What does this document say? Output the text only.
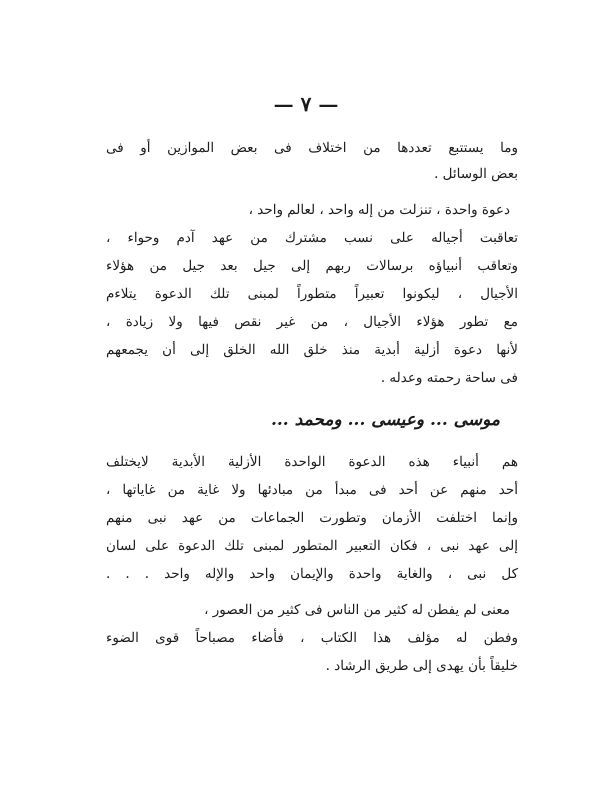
— ٧ —
وما يستتبع تعددها من اختلاف فى بعض الموازين أو فى
بعض الوسائل .
دعوة واحدة ، تنزلت من إله واحد ، لعالم واحد ،
تعاقبت أجياله على نسب مشترك من عهد آدم وحواء ،
وتعاقب أنبياؤه برسالات ربهم إلى جيل بعد جيل من هؤلاء
الأجيال ، ليكونوا تعبيراً متطوراً لمبنى تلك الدعوة يتلاءم
مع تطور هؤلاء الأجيال ، من غير نقص فيها ولا زيادة ،
لأنها دعوة أزلية أبدية منذ خلق الله الخلق إلى أن يجمعهم
فى ساحة رحمته وعدله .
موسى ... وعيسى ... ومحمد ...
هم أنبياء هذه الدعوة الواحدة الأزلية الأبدية لايختلف
أحد منهم عن أحد فى مبدأ من مبادئها ولا غاية من غاياتها ،
وإنما اختلفت الأزمان وتطورت الجماعات من عهد نبى منهم
إلى عهد نبى ، فكان التعبير المتطور لمبنى تلك الدعوة على لسان
كل نبى ، والغاية واحدة والإيمان واحد والإله واحد . . .
معنى لم يفطن له كثير من الناس فى كثير من العصور ،
وفطن له مؤلف هذا الكتاب ، فأضاء مصباحاً قوى الضوء
خليقاً بأن يهدى إلى طريق الرشاد .
